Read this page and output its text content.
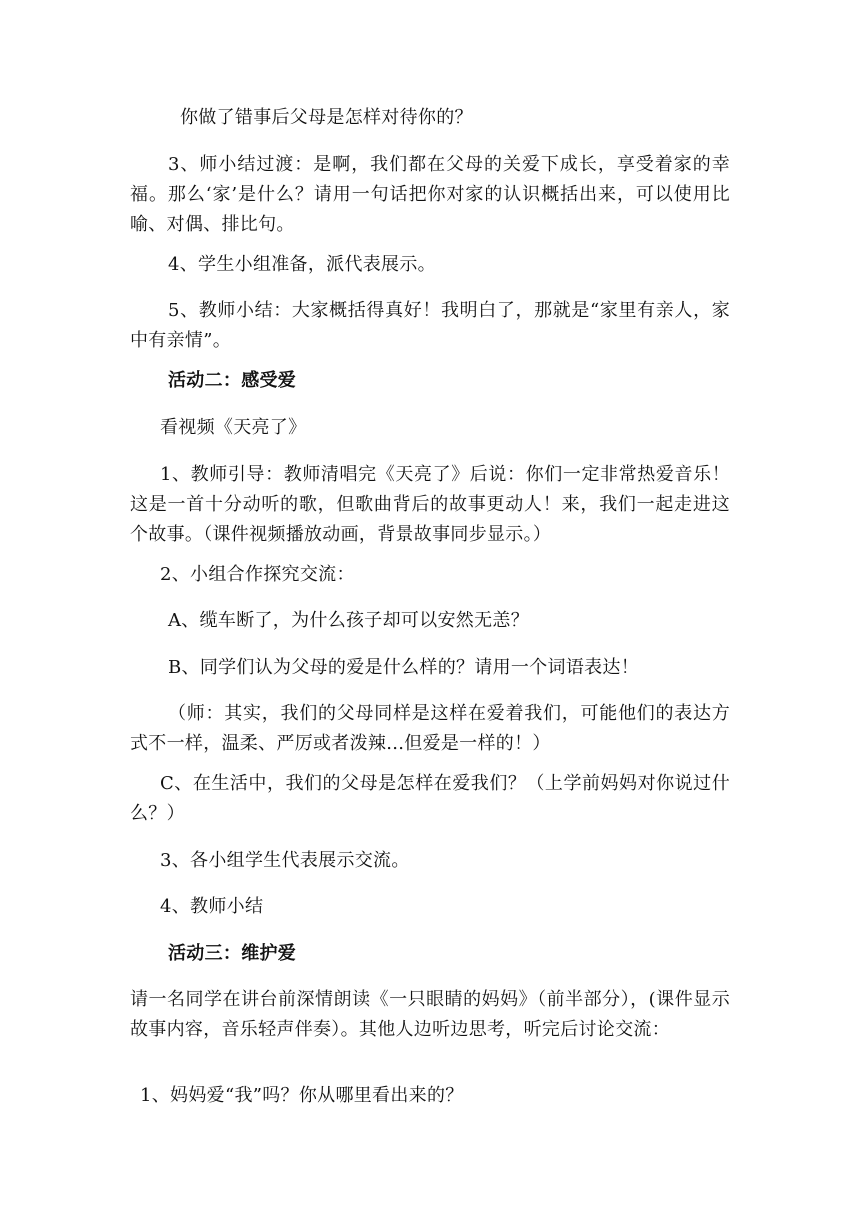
你做了错事后父母是怎样对待你的？

3、师小结过渡：是啊，我们都在父母的关爱下成长，享受着家的幸福。那么‘家’是什么？请用一句话把你对家的认识概括出来，可以使用比喻、对偶、排比句。

4、学生小组准备，派代表展示。

5、教师小结：大家概括得真好！我明白了，那就是“家里有亲人，家中有亲情”。

活动二：感受爱

看视频《天亮了》

1、教师引导：教师清唱完《天亮了》后说：你们一定非常热爱音乐！这是一首十分动听的歌，但歌曲背后的故事更动人！来，我们一起走进这个故事。（课件视频播放动画，背景故事同步显示。）

2、小组合作探究交流：

A、缆车断了，为什么孩子却可以安然无恙？

B、同学们认为父母的爱是什么样的？请用一个词语表达！

（师：其实，我们的父母同样是这样在爱着我们，可能他们的表达方式不一样，温柔、严厉或者泼辣...但爱是一样的！）

C、在生活中，我们的父母是怎样在爱我们？（上学前妈妈对你说过什么？）

3、各小组学生代表展示交流。

4、教师小结

活动三：维护爱

请一名同学在讲台前深情朗读《一只眼睛的妈妈》（前半部分），(课件显示故事内容，音乐轻声伴奏）。其他人边听边思考，听完后讨论交流：

1、妈妈爱“我”吗？你从哪里看出来的？
